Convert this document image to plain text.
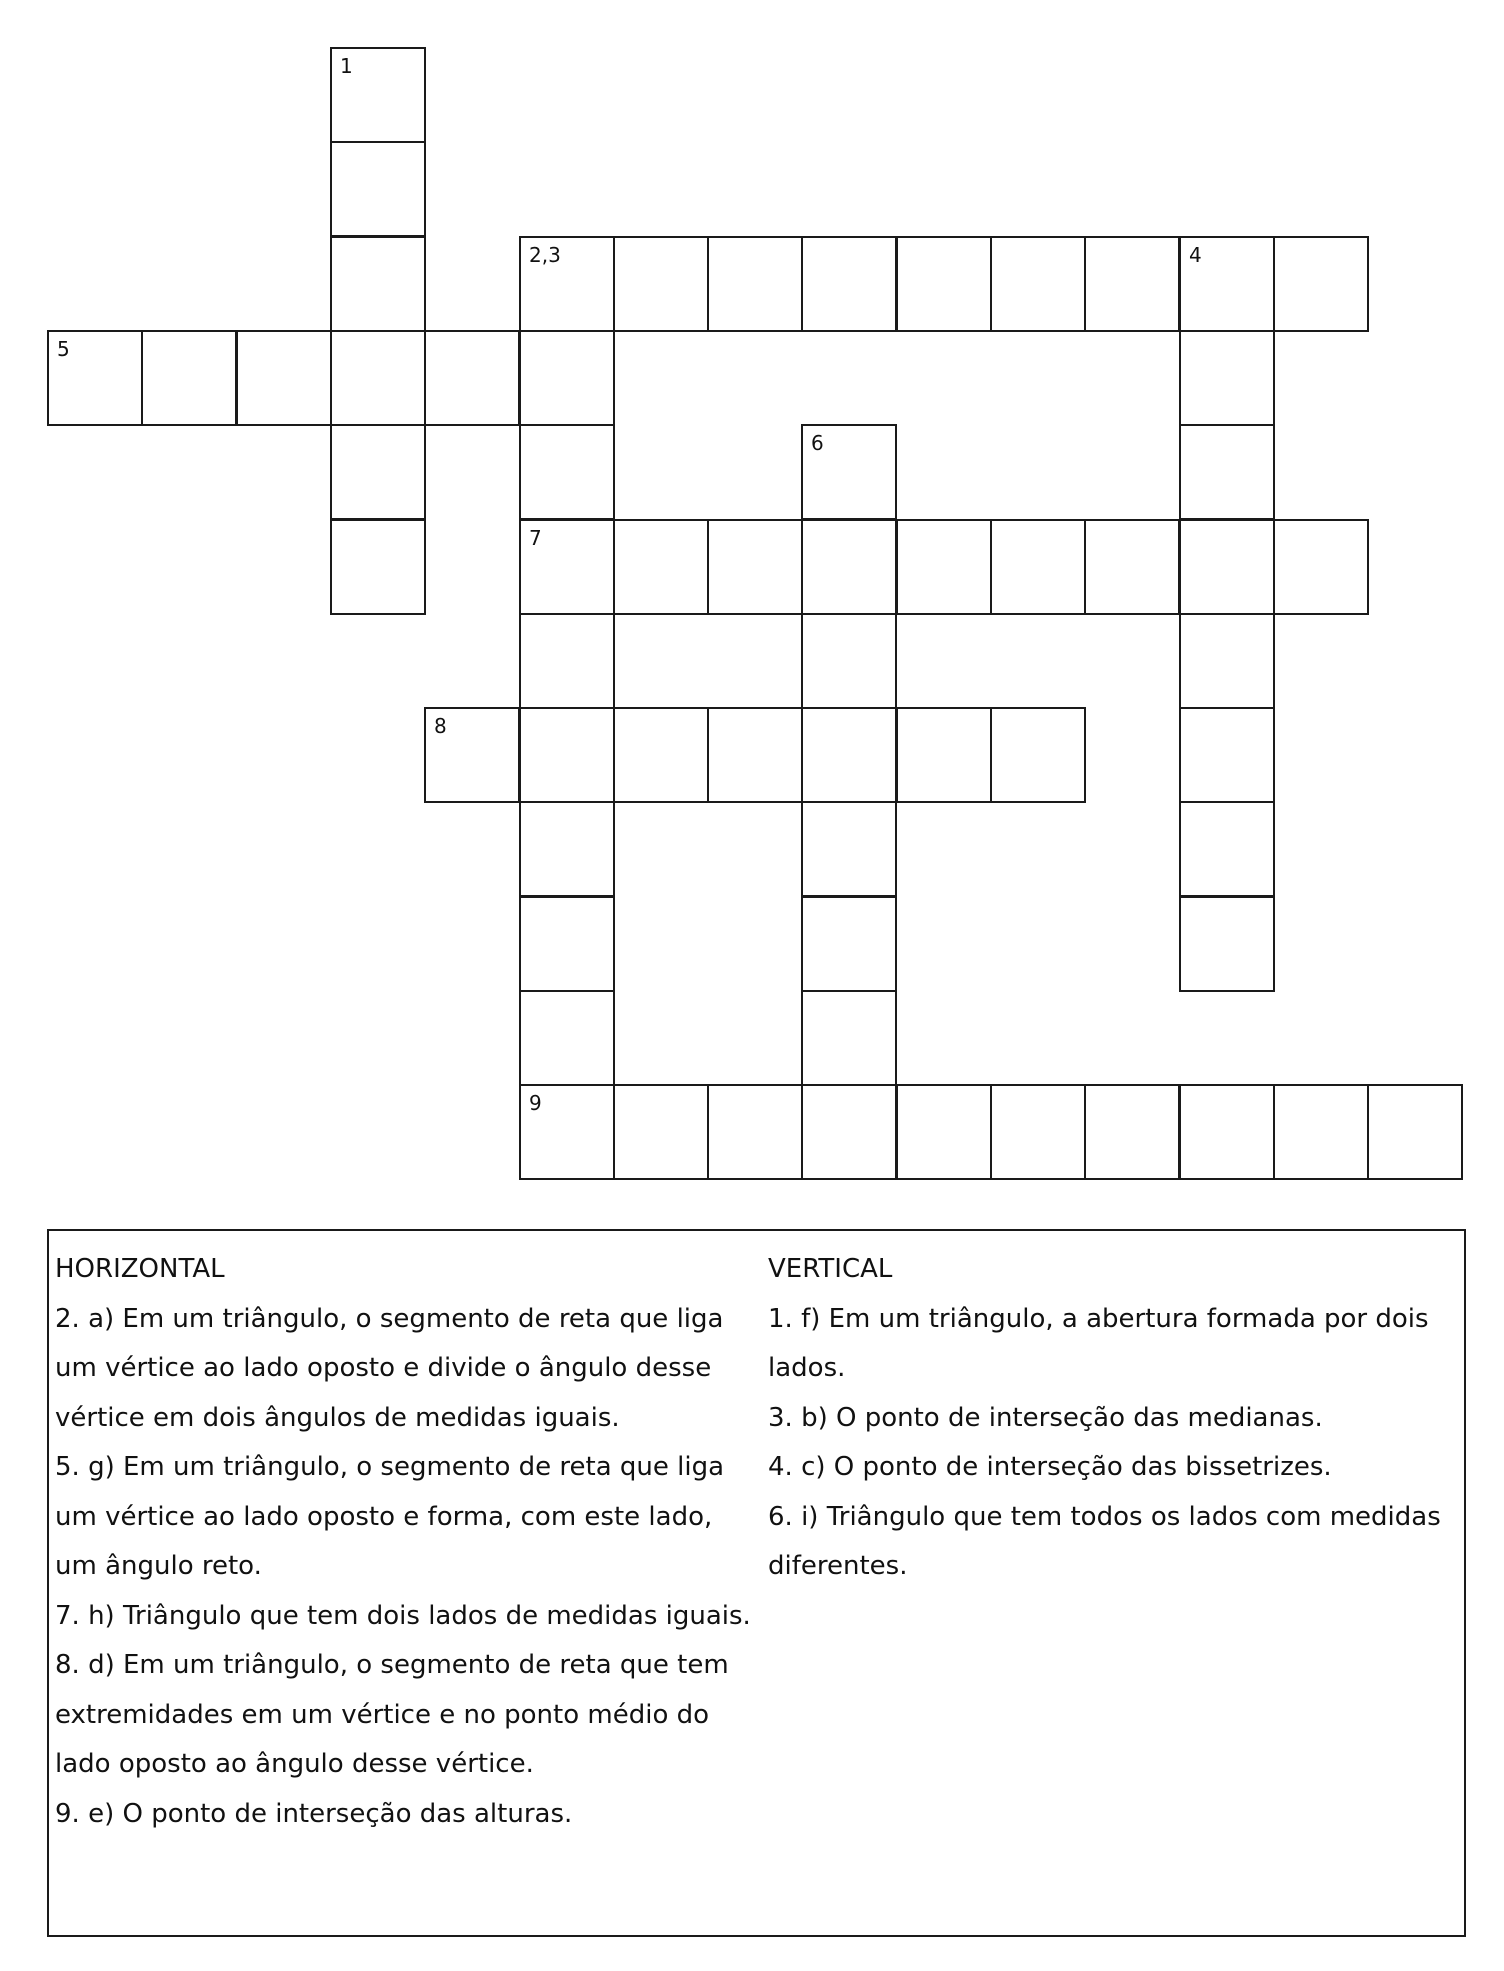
1
2,3	4
5
7
6
8
9

HORIZONTAL

2. a) Em um triângulo, o segmento de reta que liga um vértice ao lado oposto e divide o ângulo desse vértice em dois ângulos de medidas iguais.

5. g) Em um triângulo, o segmento de reta que liga um vértice ao lado oposto e forma, com este lado, um ângulo reto.

7. h) Triângulo que tem dois lados de medidas iguais.

8. d) Em um triângulo, o segmento de reta que tem extremidades em um vértice e no ponto médio do lado oposto ao ângulo desse vértice.

9. e) O ponto de interseção das alturas.

VERTICAL

1. f) Em um triângulo, a abertura formada por dois lados.

3. b) O ponto de interseção das medianas.

4. c) O ponto de interseção das bissetrizes.

6. i) Triângulo que tem todos os lados com medidas diferentes.
